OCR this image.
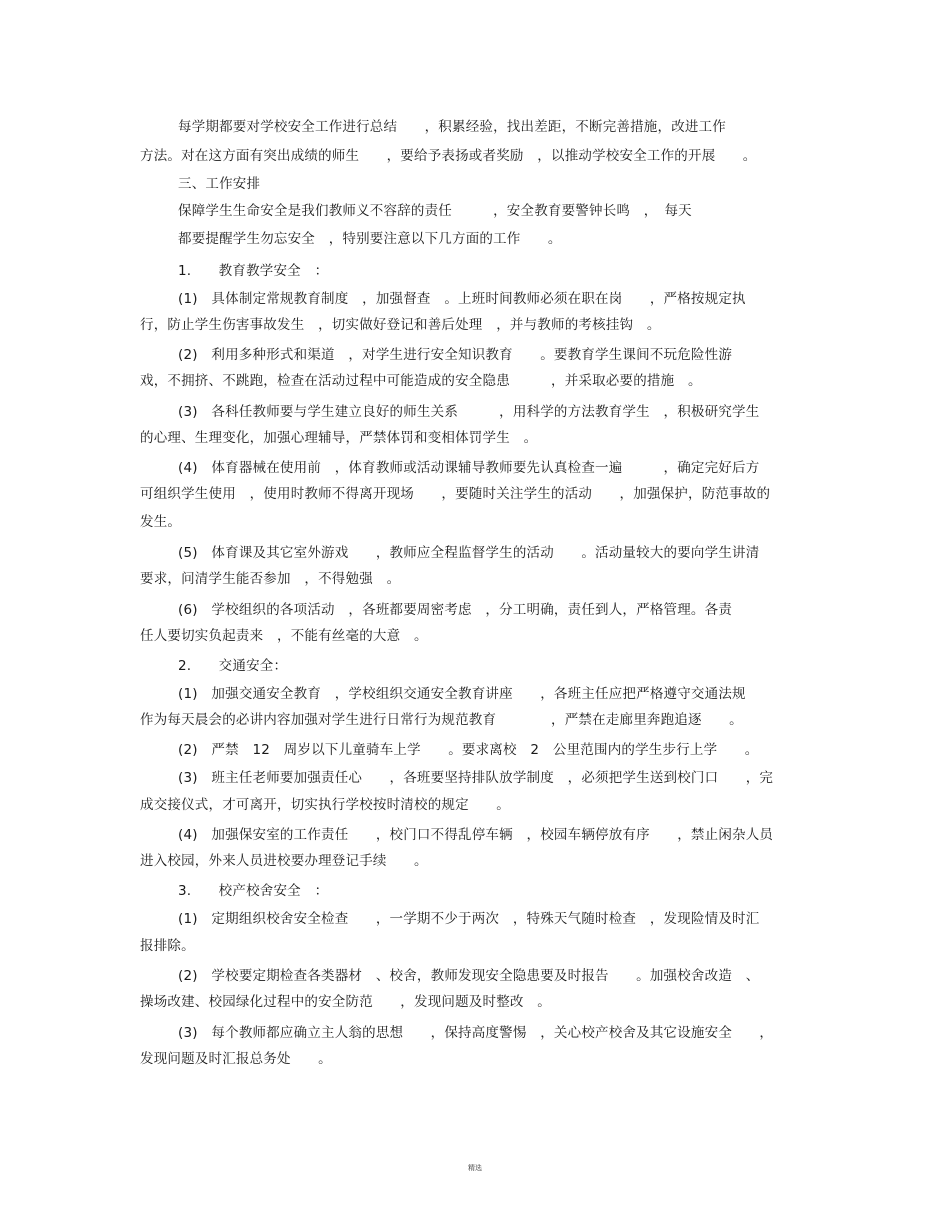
每学期都要对学校安全工作进行总结　　，积累经验，找出差距，不断完善措施，改进工作
方法。对在这方面有突出成绩的师生　　，要给予表扬或者奖励　，以推动学校安全工作的开展　　。
三、工作安排
保障学生生命安全是我们教师义不容辞的责任　　　，安全教育要警钟长鸣　，　每天
都要提醒学生勿忘安全　，特别要注意以下几方面的工作　　。
1.　　教育教学安全　：
(1)　具体制定常规教育制度　，加强督查　。上班时间教师必须在职在岗　　，严格按规定执
行，防止学生伤害事故发生　，切实做好登记和善后处理　，并与教师的考核挂钩　。
(2)　利用多种形式和渠道　，对学生进行安全知识教育　　。要教育学生课间不玩危险性游
戏，不拥挤、不跳跑，检查在活动过程中可能造成的安全隐患　　　，并采取必要的措施　。
(3)　各科任教师要与学生建立良好的师生关系　　　，用科学的方法教育学生　，积极研究学生
的心理、生理变化，加强心理辅导，严禁体罚和变相体罚学生　。
(4)　体育器械在使用前　，体育教师或活动课辅导教师要先认真检查一遍　　　，确定完好后方
可组织学生使用　，使用时教师不得离开现场　　，要随时关注学生的活动　　，加强保护，防范事故的
发生。
(5)　体育课及其它室外游戏　　，教师应全程监督学生的活动　　。活动量较大的要向学生讲清
要求，问清学生能否参加　，不得勉强　。
(6)　学校组织的各项活动　，各班都要周密考虑　，分工明确，责任到人，严格管理。各责
任人要切实负起责来　，不能有丝毫的大意　。
2.　　交通安全：
(1)　加强交通安全教育　，学校组织交通安全教育讲座　　，各班主任应把严格遵守交通法规
作为每天晨会的必讲内容加强对学生进行日常行为规范教育　　　　，严禁在走廊里奔跑追逐　　。
(2)　严禁　12　周岁以下儿童骑车上学　　。要求离校　2　公里范围内的学生步行上学　　。
(3)　班主任老师要加强责任心　　，各班要坚持排队放学制度　，必须把学生送到校门口　　，完
成交接仪式，才可离开，切实执行学校按时清校的规定　　。
(4)　加强保安室的工作责任　　，校门口不得乱停车辆　，校园车辆停放有序　　，禁止闲杂人员
进入校园，外来人员进校要办理登记手续　　。
3.　　校产校舍安全　：
(1)　定期组织校舍安全检查　　，一学期不少于两次　，特殊天气随时检查　，发现险情及时汇
报排除。
(2)　学校要定期检查各类器材　、校舍，教师发现安全隐患要及时报告　　。加强校舍改造　、
操场改建、校园绿化过程中的安全防范　　，发现问题及时整改　。
(3)　每个教师都应确立主人翁的思想　　，保持高度警惕　，关心校产校舍及其它设施安全　　，
发现问题及时汇报总务处　　。
精选
